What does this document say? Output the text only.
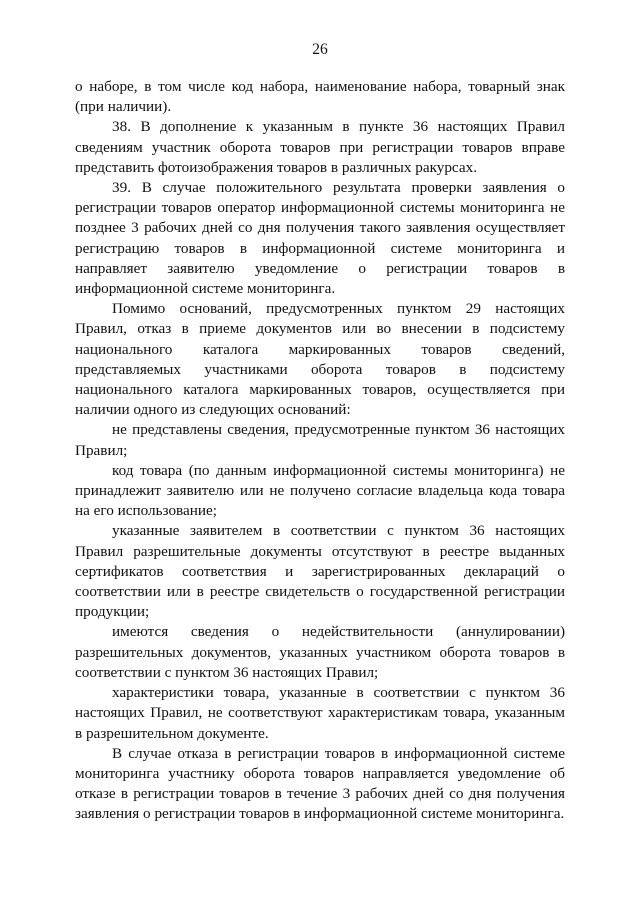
26

о наборе, в том числе код набора, наименование набора, товарный знак (при наличии).

38. В дополнение к указанным в пункте 36 настоящих Правил сведениям участник оборота товаров при регистрации товаров вправе представить фотоизображения товаров в различных ракурсах.

39. В случае положительного результата проверки заявления о регистрации товаров оператор информационной системы мониторинга не позднее 3 рабочих дней со дня получения такого заявления осуществляет регистрацию товаров в информационной системе мониторинга и направляет заявителю уведомление о регистрации товаров в информационной системе мониторинга.

Помимо оснований, предусмотренных пунктом 29 настоящих Правил, отказ в приеме документов или во внесении в подсистему национального каталога маркированных товаров сведений, представляемых участниками оборота товаров в подсистему национального каталога маркированных товаров, осуществляется при наличии одного из следующих оснований:

не представлены сведения, предусмотренные пунктом 36 настоящих Правил;

код товара (по данным информационной системы мониторинга) не принадлежит заявителю или не получено согласие владельца кода товара на его использование;

указанные заявителем в соответствии с пунктом 36 настоящих Правил разрешительные документы отсутствуют в реестре выданных сертификатов соответствия и зарегистрированных деклараций о соответствии или в реестре свидетельств о государственной регистрации продукции;

имеются сведения о недействительности (аннулировании) разрешительных документов, указанных участником оборота товаров в соответствии с пунктом 36 настоящих Правил;

характеристики товара, указанные в соответствии с пунктом 36 настоящих Правил, не соответствуют характеристикам товара, указанным в разрешительном документе.

В случае отказа в регистрации товаров в информационной системе мониторинга участнику оборота товаров направляется уведомление об отказе в регистрации товаров в течение 3 рабочих дней со дня получения заявления о регистрации товаров в информационной системе мониторинга.
